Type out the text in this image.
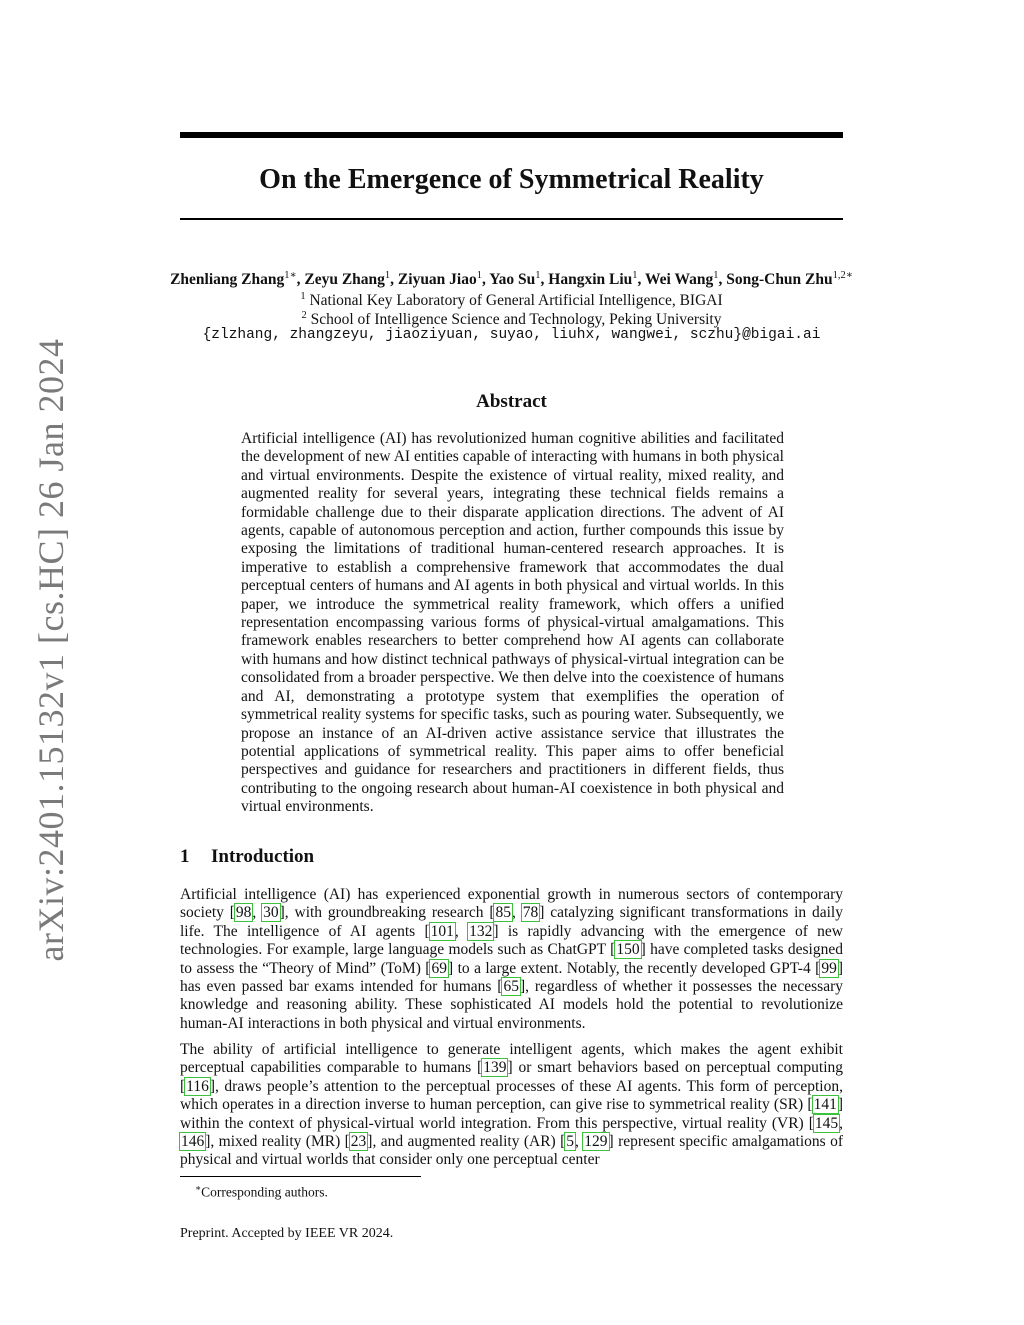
arXiv:2401.15132v1 [cs.HC] 26 Jan 2024
On the Emergence of Symmetrical Reality
Zhenliang Zhang$^{1∗}$, Zeyu Zhang$^1$, Ziyuan Jiao$^1$, Yao Su$^1$, Hangxin Liu$^1$, Wei Wang$^1$, Song-Chun Zhu$^{1,2∗}$
$^1$ National Key Laboratory of General Artificial Intelligence, BIGAI
$^2$ School of Intelligence Science and Technology, Peking University
{zlzhang, zhangzeyu, jiaoziyuan, suyao, liuhx, wangwei, sczhu}@bigai.ai
Abstract
Artificial intelligence (AI) has revolutionized human cognitive abilities and facilitated the development of new AI entities capable of interacting with humans in both physical and virtual environments. Despite the existence of virtual reality, mixed reality, and augmented reality for several years, integrating these technical fields remains a formidable challenge due to their disparate application directions. The advent of AI agents, capable of autonomous perception and action, further compounds this issue by exposing the limitations of traditional human-centered research approaches. It is imperative to establish a comprehensive framework that accommodates the dual perceptual centers of humans and AI agents in both physical and virtual worlds. In this paper, we introduce the symmetrical reality framework, which offers a unified representation encompassing various forms of physical-virtual amalgamations. This framework enables researchers to better comprehend how AI agents can collaborate with humans and how distinct technical pathways of physical-virtual integration can be consolidated from a broader perspective. We then delve into the coexistence of humans and AI, demonstrating a prototype system that exemplifies the operation of symmetrical reality systems for specific tasks, such as pouring water. Subsequently, we propose an instance of an AI-driven active assistance service that illustrates the potential applications of symmetrical reality. This paper aims to offer beneficial perspectives and guidance for researchers and practitioners in different fields, thus contributing to the ongoing research about human-AI coexistence in both physical and virtual environments.
1 Introduction
Artificial intelligence (AI) has experienced exponential growth in numerous sectors of contemporary society [98, 30], with groundbreaking research [85, 78] catalyzing significant transformations in daily life. The intelligence of AI agents [101, 132] is rapidly advancing with the emergence of new technologies. For example, large language models such as ChatGPT [150] have completed tasks designed to assess the “Theory of Mind” (ToM) [69] to a large extent. Notably, the recently developed GPT-4 [99] has even passed bar exams intended for humans [65], regardless of whether it possesses the necessary knowledge and reasoning ability. These sophisticated AI models hold the potential to revolutionize human-AI interactions in both physical and virtual environments.
The ability of artificial intelligence to generate intelligent agents, which makes the agent exhibit perceptual capabilities comparable to humans [139] or smart behaviors based on perceptual computing [116], draws people’s attention to the perceptual processes of these AI agents. This form of perception, which operates in a direction inverse to human perception, can give rise to symmetrical reality (SR) [141] within the context of physical-virtual world integration. From this perspective, virtual reality (VR) [145, 146], mixed reality (MR) [23], and augmented reality (AR) [5, 129] represent specific amalgamations of physical and virtual worlds that consider only one perceptual center
∗Corresponding authors.
Preprint. Accepted by IEEE VR 2024.
